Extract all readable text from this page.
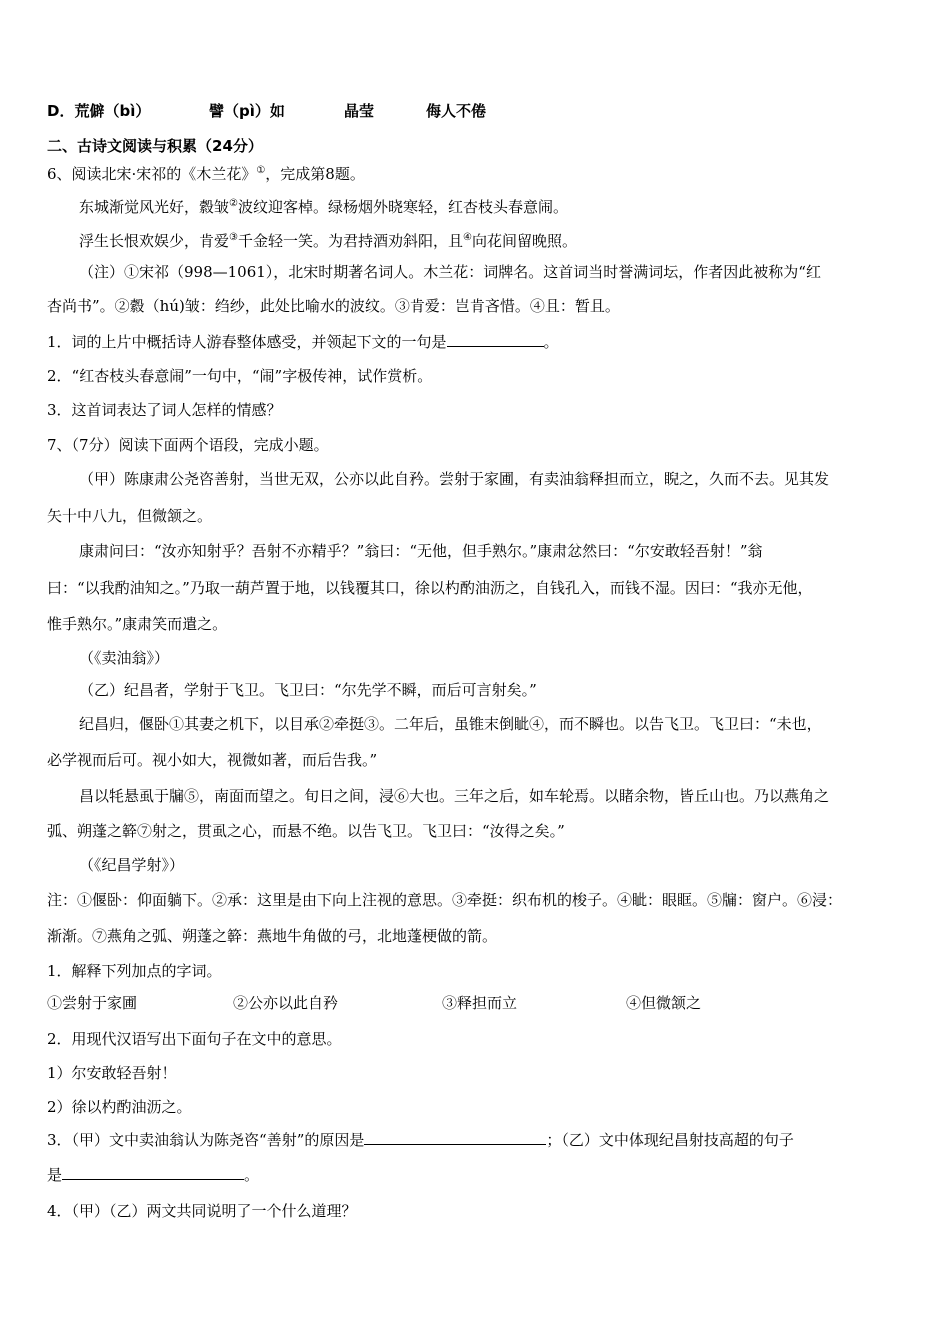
D．荒僻（bì）	譬（pì）如	晶莹	侮人不倦
二、古诗文阅读与积累（24分）
6、阅读北宋·宋祁的《木兰花》①，完成第8题。
东城渐觉风光好，縠皱②波纹迎客棹。绿杨烟外晓寒轻，红杏枝头春意闹。
浮生长恨欢娱少，肯爱③千金轻一笑。为君持酒劝斜阳，且④向花间留晚照。
（注）①宋祁（998—1061），北宋时期著名词人。木兰花：词牌名。这首词当时誉满词坛，作者因此被称为“红
杏尚书”。②縠（hú)皱：绉纱，此处比喻水的波纹。③肯爱：岂肯吝惜。④且：暂且。
1．词的上片中概括诗人游春整体感受，并领起下文的一句是	。
2．“红杏枝头春意闹”一句中，“闹”字极传神，试作赏析。
3．这首词表达了词人怎样的情感？
7、（7分）阅读下面两个语段，完成小题。
（甲）陈康肃公尧咨善射，当世无双，公亦以此自矜。尝射于家圃，有卖油翁释担而立，睨之，久而不去。见其发
矢十中八九，但微颔之。
康肃问曰：“汝亦知射乎？吾射不亦精乎？”翁曰：“无他，但手熟尔。”康肃忿然曰：“尔安敢轻吾射！”翁
曰：“以我酌油知之。”乃取一葫芦置于地，以钱覆其口，徐以杓酌油沥之，自钱孔入，而钱不湿。因曰：“我亦无他，
惟手熟尔。”康肃笑而遣之。
（《卖油翁》）
（乙）纪昌者，学射于飞卫。飞卫曰：“尔先学不瞬，而后可言射矣。”
纪昌归，偃卧①其妻之机下，以目承②牵挺③。二年后，虽锥末倒眦④，而不瞬也。以告飞卫。飞卫曰：“未也，
必学视而后可。视小如大，视微如著，而后告我。”
昌以牦悬虱于牖⑤，南面而望之。旬日之间，浸⑥大也。三年之后，如车轮焉。以睹余物，皆丘山也。乃以燕角之
弧、朔蓬之簳⑦射之，贯虱之心，而悬不绝。以告飞卫。飞卫曰：“汝得之矣。”
（《纪昌学射》）
注：①偃卧：仰面躺下。②承：这里是由下向上注视的意思。③牵挺：织布机的梭子。④眦：眼眶。⑤牖：窗户。⑥浸：
渐渐。⑦燕角之弧、朔蓬之簳：燕地牛角做的弓，北地蓬梗做的箭。
1．解释下列加点的字词。
①尝射于家圃	②公亦以此自矜	③释担而立	④但微颔之
2．用现代汉语写出下面句子在文中的意思。
1）尔安敢轻吾射！
2）徐以杓酌油沥之。
3．（甲）文中卖油翁认为陈尧咨“善射”的原因是	；（乙）文中体现纪昌射技高超的句子
是	。
4．（甲）（乙）两文共同说明了一个什么道理？
